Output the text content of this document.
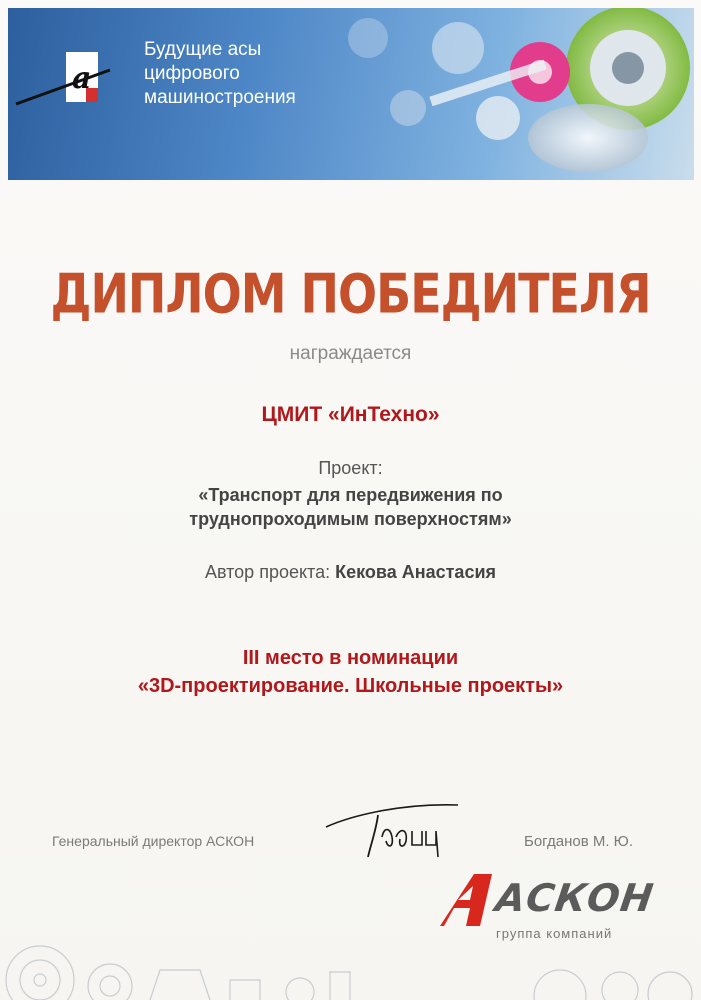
a
Будущие асы
цифрового
машиностроения
ДИПЛОМ ПОБЕДИТЕЛЯ
награждается
ЦМИТ «ИнТехно»
Проект:
«Транспорт для передвижения по
труднопроходимым поверхностям»
Автор проекта: Кекова Анастасия
III место в номинации
«3D-проектирование. Школьные проекты»
Генеральный директор АСКОН	Богданов М. Ю.
АСКОН
группа компаний
